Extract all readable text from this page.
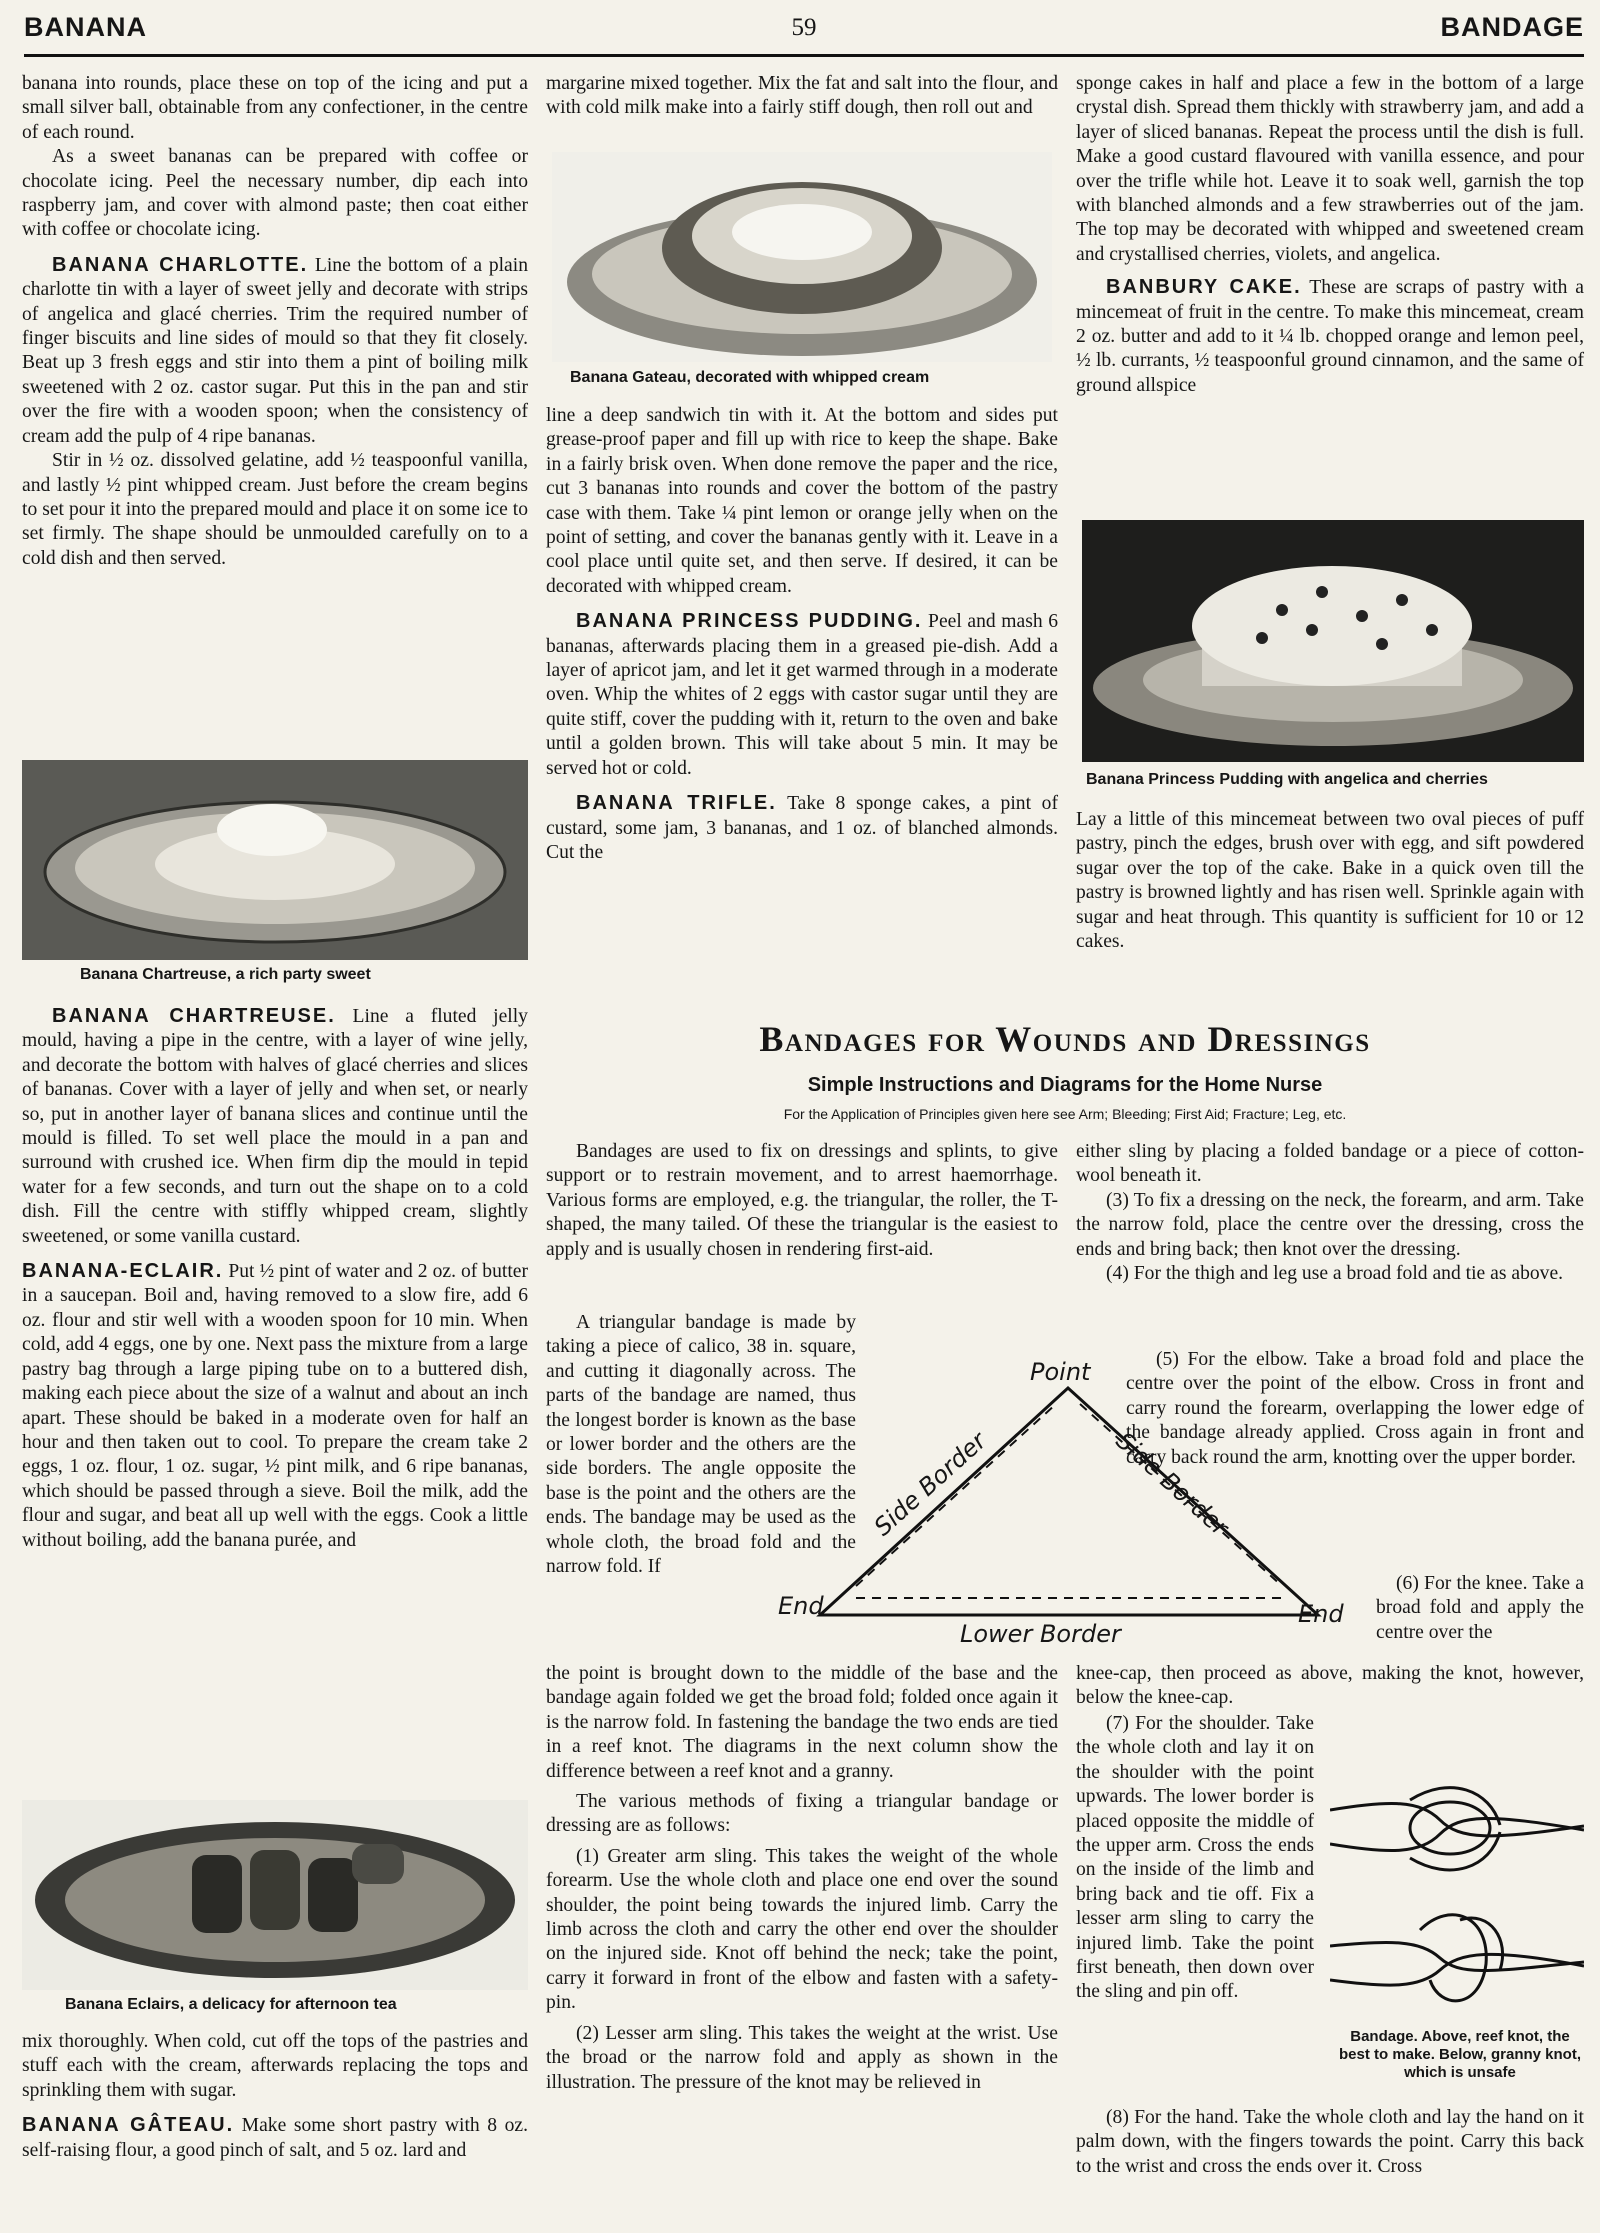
BANANA	59	BANDAGE

banana into rounds, place these on top of the icing and put a small silver ball, obtainable from any confectioner, in the centre of each round.

As a sweet bananas can be prepared with coffee or chocolate icing. Peel the necessary number, dip each into raspberry jam, and cover with almond paste; then coat either with coffee or chocolate icing.

BANANA CHARLOTTE. Line the bottom of a plain charlotte tin with a layer of sweet jelly and decorate with strips of angelica and glacé cherries. Trim the required number of finger biscuits and line sides of mould so that they fit closely. Beat up 3 fresh eggs and stir into them a pint of boiling milk sweetened with 2 oz. castor sugar. Put this in the pan and stir over the fire with a wooden spoon; when the consistency of cream add the pulp of 4 ripe bananas.

Stir in ½ oz. dissolved gelatine, add ½ teaspoonful vanilla, and lastly ½ pint whipped cream. Just before the cream begins to set pour it into the prepared mould and place it on some ice to set firmly. The shape should be unmoulded carefully on to a cold dish and then served.

Banana Chartreuse, a rich party sweet

BANANA CHARTREUSE. Line a fluted jelly mould, having a pipe in the centre, with a layer of wine jelly, and decorate the bottom with halves of glacé cherries and slices of bananas. Cover with a layer of jelly and when set, or nearly so, put in another layer of banana slices and continue until the mould is filled. To set well place the mould in a pan and surround with crushed ice. When firm dip the mould in tepid water for a few seconds, and turn out the shape on to a cold dish. Fill the centre with stiffly whipped cream, slightly sweetened, or some vanilla custard.

BANANA-ECLAIR. Put ½ pint of water and 2 oz. of butter in a saucepan. Boil and, having removed to a slow fire, add 6 oz. flour and stir well with a wooden spoon for 10 min. When cold, add 4 eggs, one by one. Next pass the mixture from a large pastry bag through a large piping tube on to a buttered dish, making each piece about the size of a walnut and about an inch apart. These should be baked in a moderate oven for half an hour and then taken out to cool. To prepare the cream take 2 eggs, 1 oz. flour, 1 oz. sugar, ½ pint milk, and 6 ripe bananas, which should be passed through a sieve. Boil the milk, add the flour and sugar, and beat all up well with the eggs. Cook a little without boiling, add the banana purée, and

Banana Eclairs, a delicacy for afternoon tea

mix thoroughly. When cold, cut off the tops of the pastries and stuff each with the cream, afterwards replacing the tops and sprinkling them with sugar.

BANANA GÂTEAU. Make some short pastry with 8 oz. self-raising flour, a good pinch of salt, and 5 oz. lard and

margarine mixed together. Mix the fat and salt into the flour, and with cold milk make into a fairly stiff dough, then roll out and

Banana Gateau, decorated with whipped cream

line a deep sandwich tin with it. At the bottom and sides put grease-proof paper and fill up with rice to keep the shape. Bake in a fairly brisk oven. When done remove the paper and the rice, cut 3 bananas into rounds and cover the bottom of the pastry case with them. Take ¼ pint lemon or orange jelly when on the point of setting, and cover the bananas gently with it. Leave in a cool place until quite set, and then serve. If desired, it can be decorated with whipped cream.

BANANA PRINCESS PUDDING. Peel and mash 6 bananas, afterwards placing them in a greased pie-dish. Add a layer of apricot jam, and let it get warmed through in a moderate oven. Whip the whites of 2 eggs with castor sugar until they are quite stiff, cover the pudding with it, return to the oven and bake until a golden brown. This will take about 5 min. It may be served hot or cold.

BANANA TRIFLE. Take 8 sponge cakes, a pint of custard, some jam, 3 bananas, and 1 oz. of blanched almonds. Cut the

sponge cakes in half and place a few in the bottom of a large crystal dish. Spread them thickly with strawberry jam, and add a layer of sliced bananas. Repeat the process until the dish is full. Make a good custard flavoured with vanilla essence, and pour over the trifle while hot. Leave it to soak well, garnish the top with blanched almonds and a few strawberries out of the jam. The top may be decorated with whipped and sweetened cream and crystallised cherries, violets, and angelica.

BANBURY CAKE. These are scraps of pastry with a mincemeat of fruit in the centre. To make this mincemeat, cream 2 oz. butter and add to it ¼ lb. chopped orange and lemon peel, ½ lb. currants, ½ teaspoonful ground cinnamon, and the same of ground allspice

Banana Princess Pudding with angelica and cherries

Lay a little of this mincemeat between two oval pieces of puff pastry, pinch the edges, brush over with egg, and sift powdered sugar over the top of the cake. Bake in a quick oven till the pastry is browned lightly and has risen well. Sprinkle again with sugar and heat through. This quantity is sufficient for 10 or 12 cakes.

Bandages for Wounds and Dressings
Simple Instructions and Diagrams for the Home Nurse
For the Application of Principles given here see Arm; Bleeding; First Aid; Fracture; Leg, etc.

Bandages are used to fix on dressings and splints, to give support or to restrain movement, and to arrest haemorrhage. Various forms are employed, e.g. the triangular, the roller, the T-shaped, the many tailed. Of these the triangular is the easiest to apply and is usually chosen in rendering first-aid.

A triangular bandage is made by taking a piece of calico, 38 in. square, and cutting it diagonally across. The parts of the bandage are named, thus the longest border is known as the base or lower border and the others are the side borders. The angle opposite the base is the point and the others are the ends. The bandage may be used as the whole cloth, the broad fold and the narrow fold. If

Point
Side Border	Side Border
End	End
Lower Border

the point is brought down to the middle of the base and the bandage again folded we get the broad fold; folded once again it is the narrow fold. In fastening the bandage the two ends are tied in a reef knot. The diagrams in the next column show the difference between a reef knot and a granny.

The various methods of fixing a triangular bandage or dressing are as follows:

(1) Greater arm sling. This takes the weight of the whole forearm. Use the whole cloth and place one end over the sound shoulder, the point being towards the injured limb. Carry the limb across the cloth and carry the other end over the shoulder on the injured side. Knot off behind the neck; take the point, carry it forward in front of the elbow and fasten with a safety-pin.

(2) Lesser arm sling. This takes the weight at the wrist. Use the broad or the narrow fold and apply as shown in the illustration. The pressure of the knot may be relieved in

either sling by placing a folded bandage or a piece of cotton-wool beneath it.

(3) To fix a dressing on the neck, the forearm, and arm. Take the narrow fold, place the centre over the dressing, cross the ends and bring back; then knot over the dressing.

(4) For the thigh and leg use a broad fold and tie as above.

(5) For the elbow. Take a broad fold and place the centre over the point of the elbow. Cross in front and carry round the forearm, overlapping the lower edge of the bandage already applied. Cross again in front and carry back round the arm, knotting over the upper border.

(6) For the knee. Take a broad fold and apply the centre over the

knee-cap, then proceed as above, making the knot, however, below the knee-cap.

(7) For the shoulder. Take the whole cloth and lay it on the shoulder with the point upwards. The lower border is placed opposite the middle of the upper arm. Cross the ends on the inside of the limb and bring back and tie off. Fix a lesser arm sling to carry the injured limb. Take the point first beneath, then down over the sling and pin off.

Bandage. Above, reef knot, the best to make. Below, granny knot, which is unsafe

(8) For the hand. Take the whole cloth and lay the hand on it palm down, with the fingers towards the point. Carry this back to the wrist and cross the ends over it. Cross
